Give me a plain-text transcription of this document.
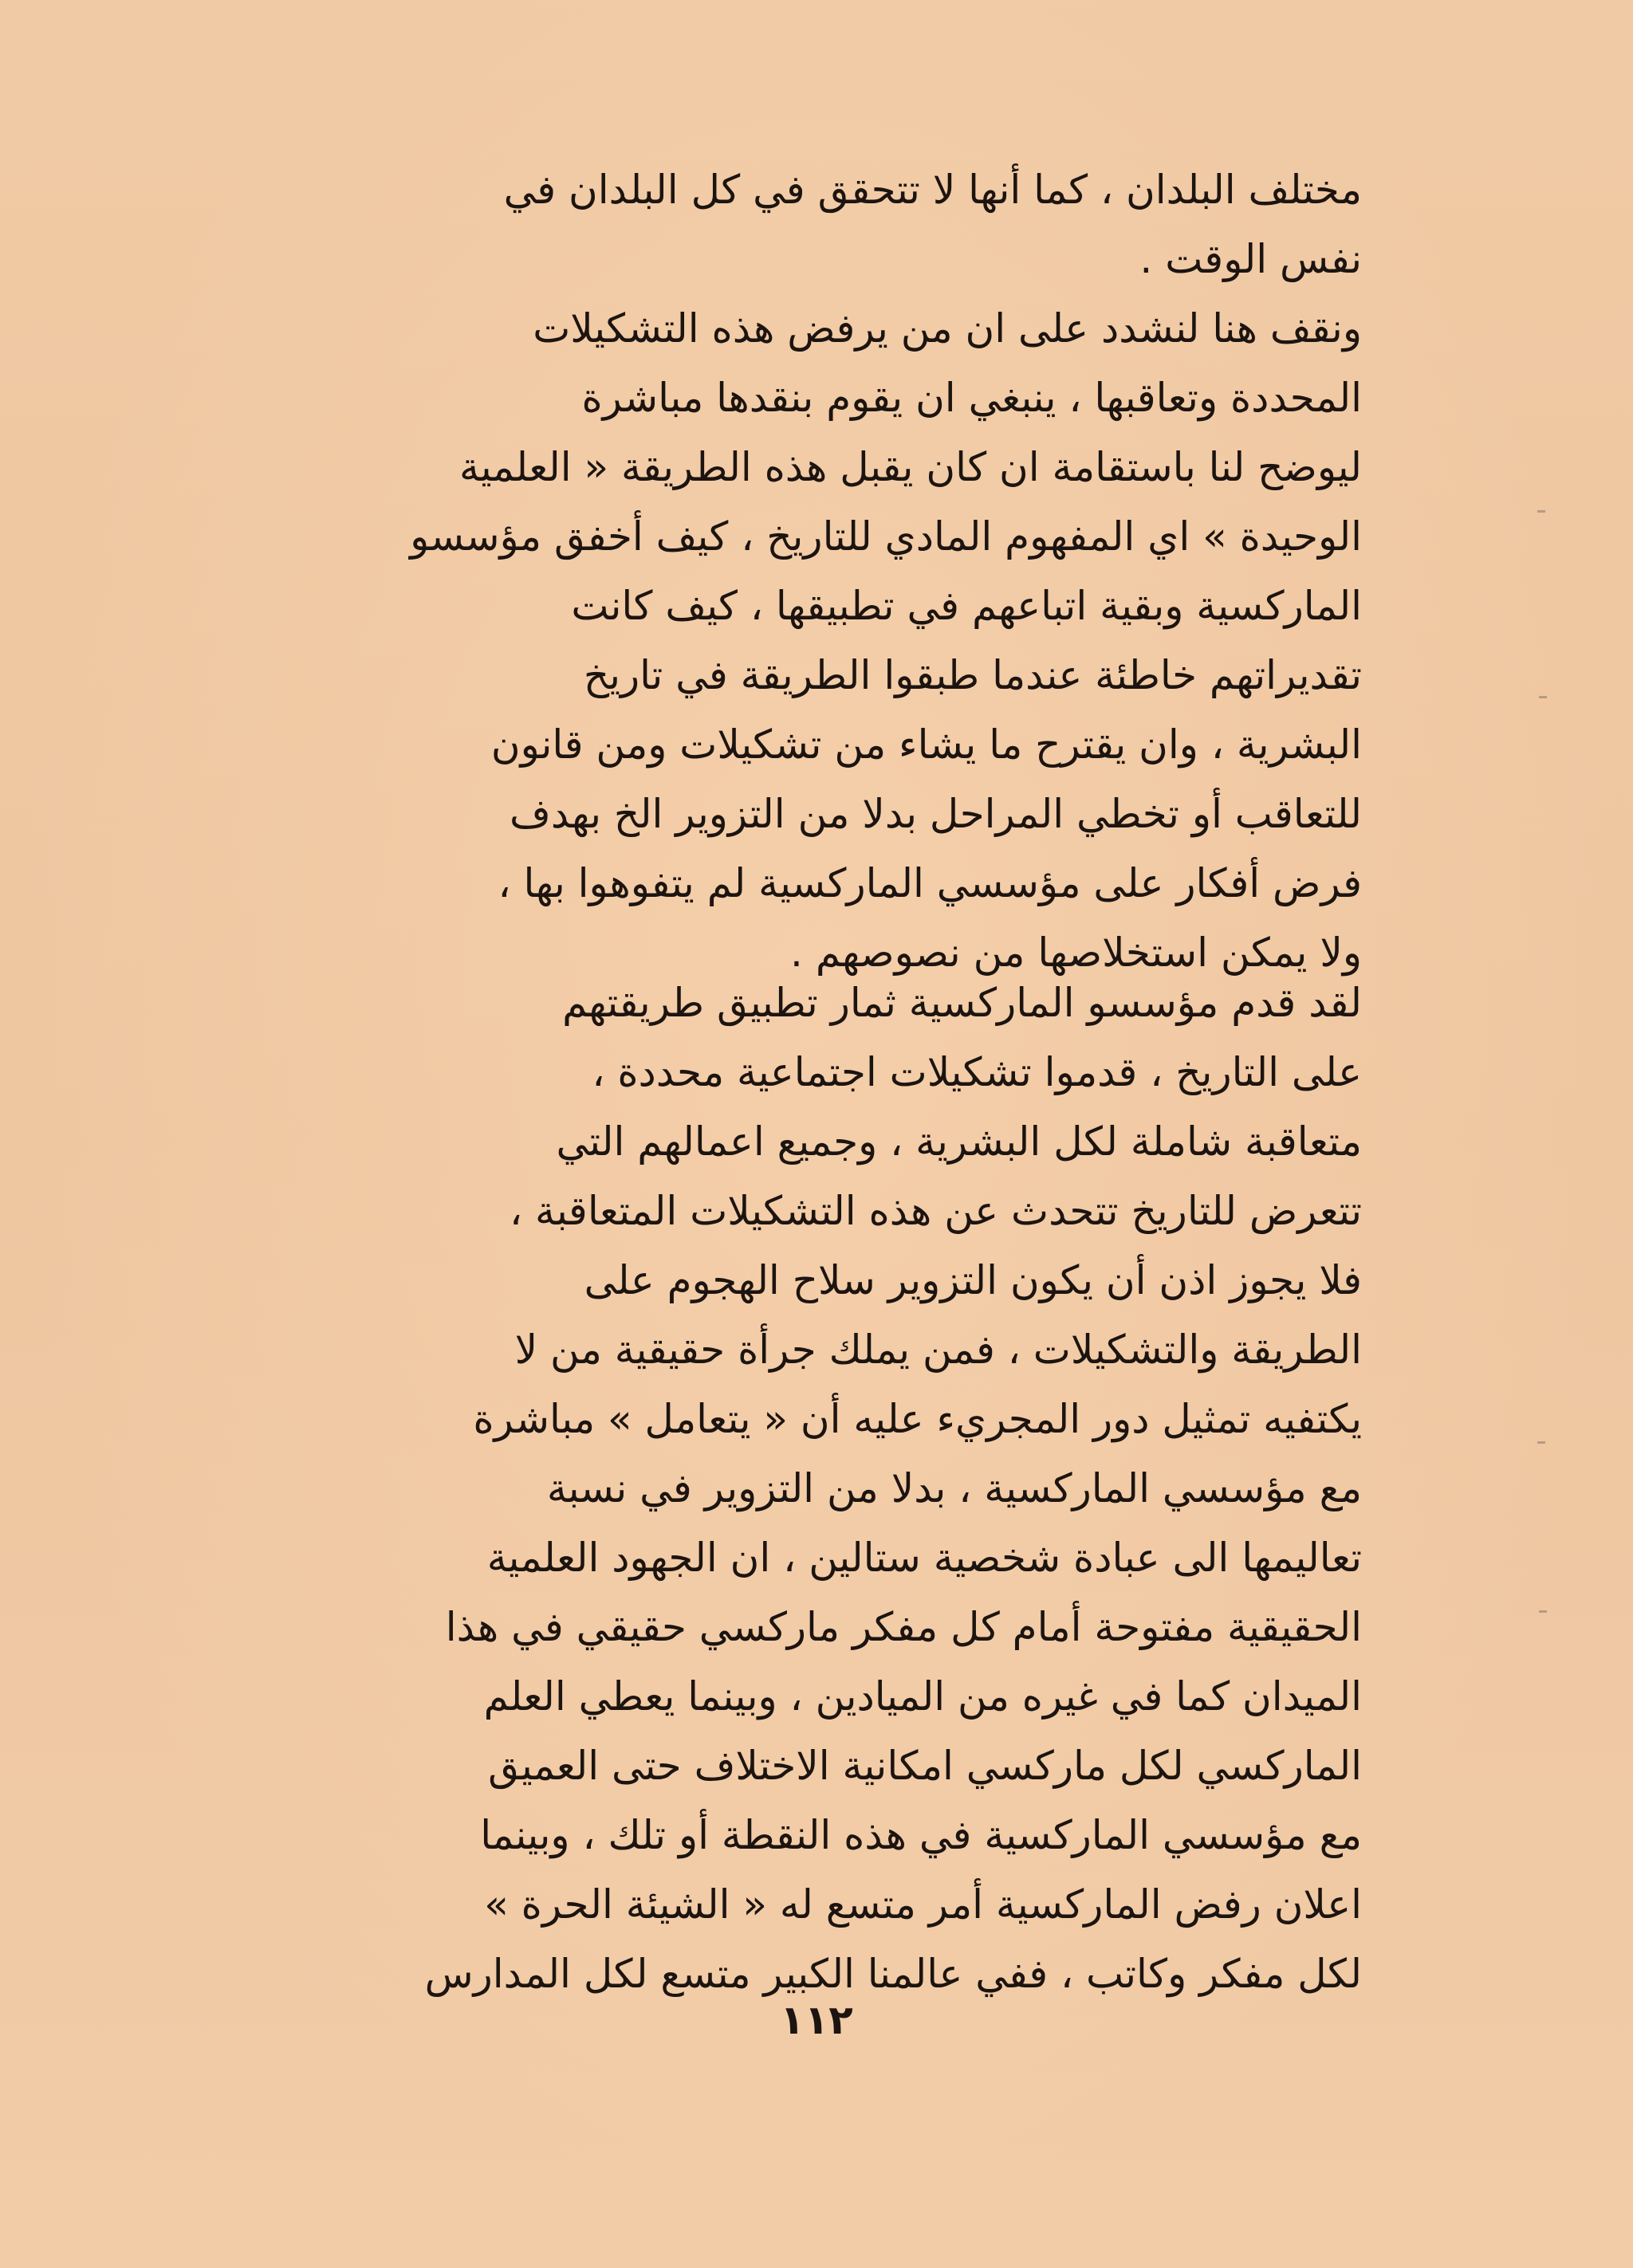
مختلف البلدان ، كما أنها لا تتحقق في كل البلدان في
نفس الوقت .
ونقف هنا لنشدد على ان من يرفض هذه التشكيلات
المحددة وتعاقبها ، ينبغي ان يقوم بنقدها مباشرة
ليوضح لنا باستقامة ان كان يقبل هذه الطريقة « العلمية
الوحيدة » اي المفهوم المادي للتاريخ ، كيف أخفق مؤسسو
الماركسية وبقية اتباعهم في تطبيقها ، كيف كانت
تقديراتهم خاطئة عندما طبقوا الطريقة في تاريخ
البشرية ، وان يقترح ما يشاء من تشكيلات ومن قانون
للتعاقب أو تخطي المراحل بدلا من التزوير الخ بهدف
فرض أفكار على مؤسسي الماركسية لم يتفوهوا بها ،
ولا يمكن استخلاصها من نصوصهم .
لقد قدم مؤسسو الماركسية ثمار تطبيق طريقتهم
على التاريخ ، قدموا تشكيلات اجتماعية محددة ،
متعاقبة شاملة لكل البشرية ، وجميع اعمالهم التي
تتعرض للتاريخ تتحدث عن هذه التشكيلات المتعاقبة ،
فلا يجوز اذن أن يكون التزوير سلاح الهجوم على
الطريقة والتشكيلات ، فمن يملك جرأة حقيقية من لا
يكتفيه تمثيل دور المجريء عليه أن « يتعامل » مباشرة
مع مؤسسي الماركسية ، بدلا من التزوير في نسبة
تعاليمها الى عبادة شخصية ستالين ، ان الجهود العلمية
الحقيقية مفتوحة أمام كل مفكر ماركسي حقيقي في هذا
الميدان كما في غيره من الميادين ، وبينما يعطي العلم
الماركسي لكل ماركسي امكانية الاختلاف حتى العميق
مع مؤسسي الماركسية في هذه النقطة أو تلك ، وبينما
اعلان رفض الماركسية أمر متسع له « الشيئة الحرة »
لكل مفكر وكاتب ، ففي عالمنا الكبير متسع لكل المدارس
١١٢
